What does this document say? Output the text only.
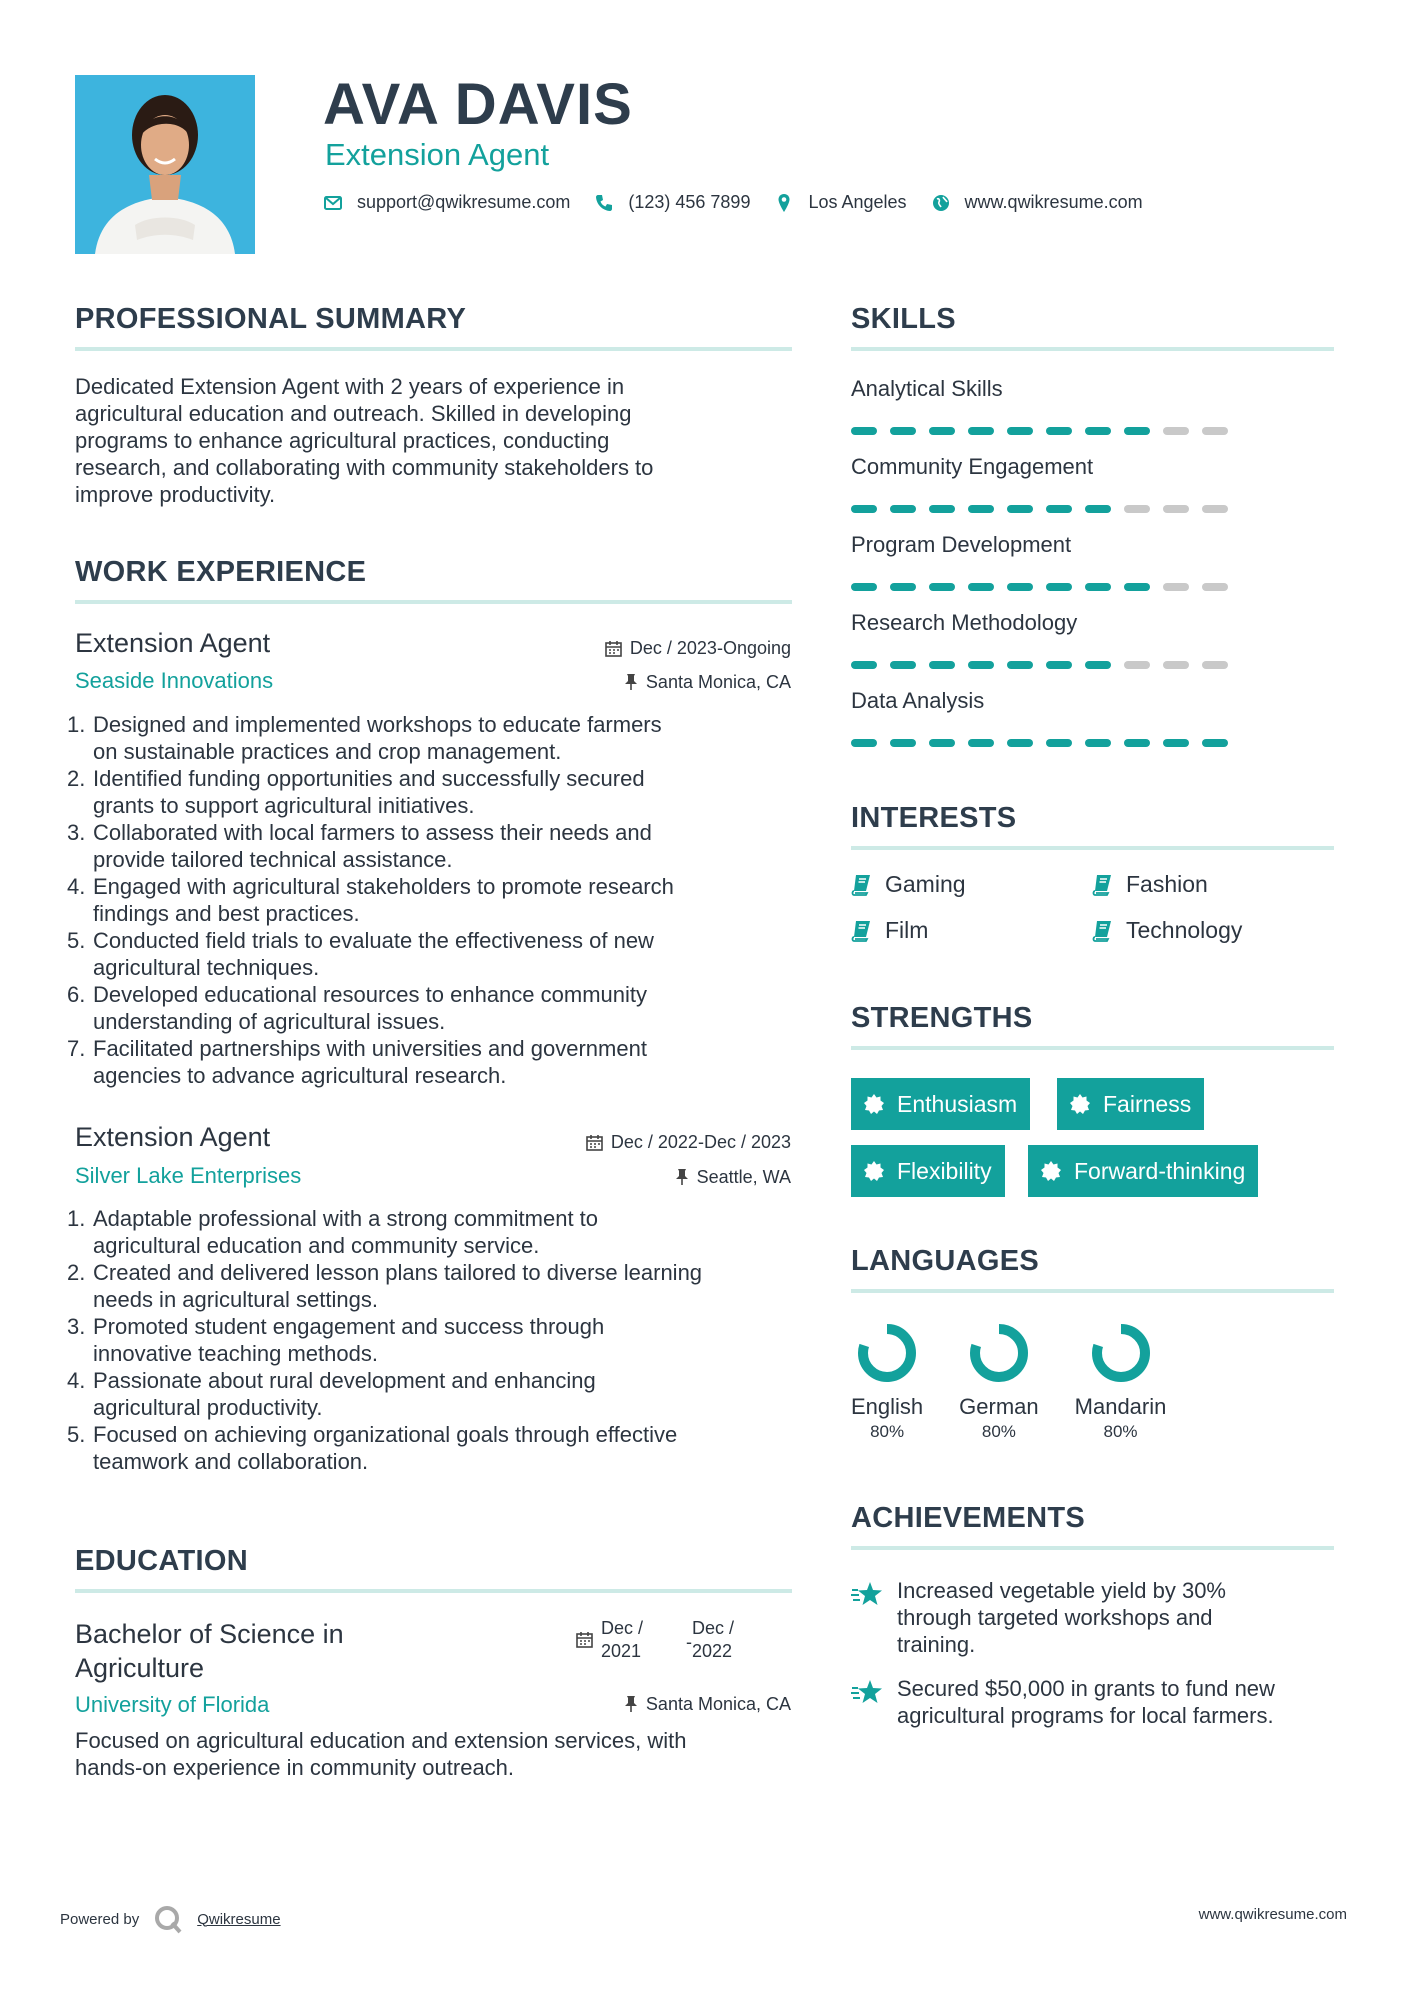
AVA DAVIS
Extension Agent
support@qwikresume.com	(123) 456 7899	Los Angeles	www.qwikresume.com
PROFESSIONAL SUMMARY
Dedicated Extension Agent with 2 years of experience in
agricultural education and outreach. Skilled in developing
programs to enhance agricultural practices, conducting
research, and collaborating with community stakeholders to
improve productivity.
WORK EXPERIENCE
Extension Agent
Seaside Innovations
Dec / 2023-Ongoing
Santa Monica, CA
1. Designed and implemented workshops to educate farmers
on sustainable practices and crop management.
2. Identified funding opportunities and successfully secured
grants to support agricultural initiatives.
3. Collaborated with local farmers to assess their needs and
provide tailored technical assistance.
4. Engaged with agricultural stakeholders to promote research
findings and best practices.
5. Conducted field trials to evaluate the effectiveness of new
agricultural techniques.
6. Developed educational resources to enhance community
understanding of agricultural issues.
7. Facilitated partnerships with universities and government
agencies to advance agricultural research.
Extension Agent
Silver Lake Enterprises
Dec / 2022-Dec / 2023
Seattle, WA
1. Adaptable professional with a strong commitment to
agricultural education and community service.
2. Created and delivered lesson plans tailored to diverse learning
needs in agricultural settings.
3. Promoted student engagement and success through
innovative teaching methods.
4. Passionate about rural development and enhancing
agricultural productivity.
5. Focused on achieving organizational goals through effective
teamwork and collaboration.
EDUCATION
Bachelor of Science in
Agriculture
University of Florida
Dec /
2021 -
Dec /
2022
Santa Monica, CA
Focused on agricultural education and extension services, with
hands-on experience in community outreach.
SKILLS
Analytical Skills
Community Engagement
Program Development
Research Methodology
Data Analysis
INTERESTS
Gaming	Fashion
Film	Technology
STRENGTHS
Enthusiasm	Fairness
Flexibility	Forward-thinking
LANGUAGES
English
80%
German
80%
Mandarin
80%
ACHIEVEMENTS
Increased vegetable yield by 30%
through targeted workshops and
training.
Secured $50,000 in grants to fund new
agricultural programs for local farmers.
Powered by	Qwikresume	www.qwikresume.com
